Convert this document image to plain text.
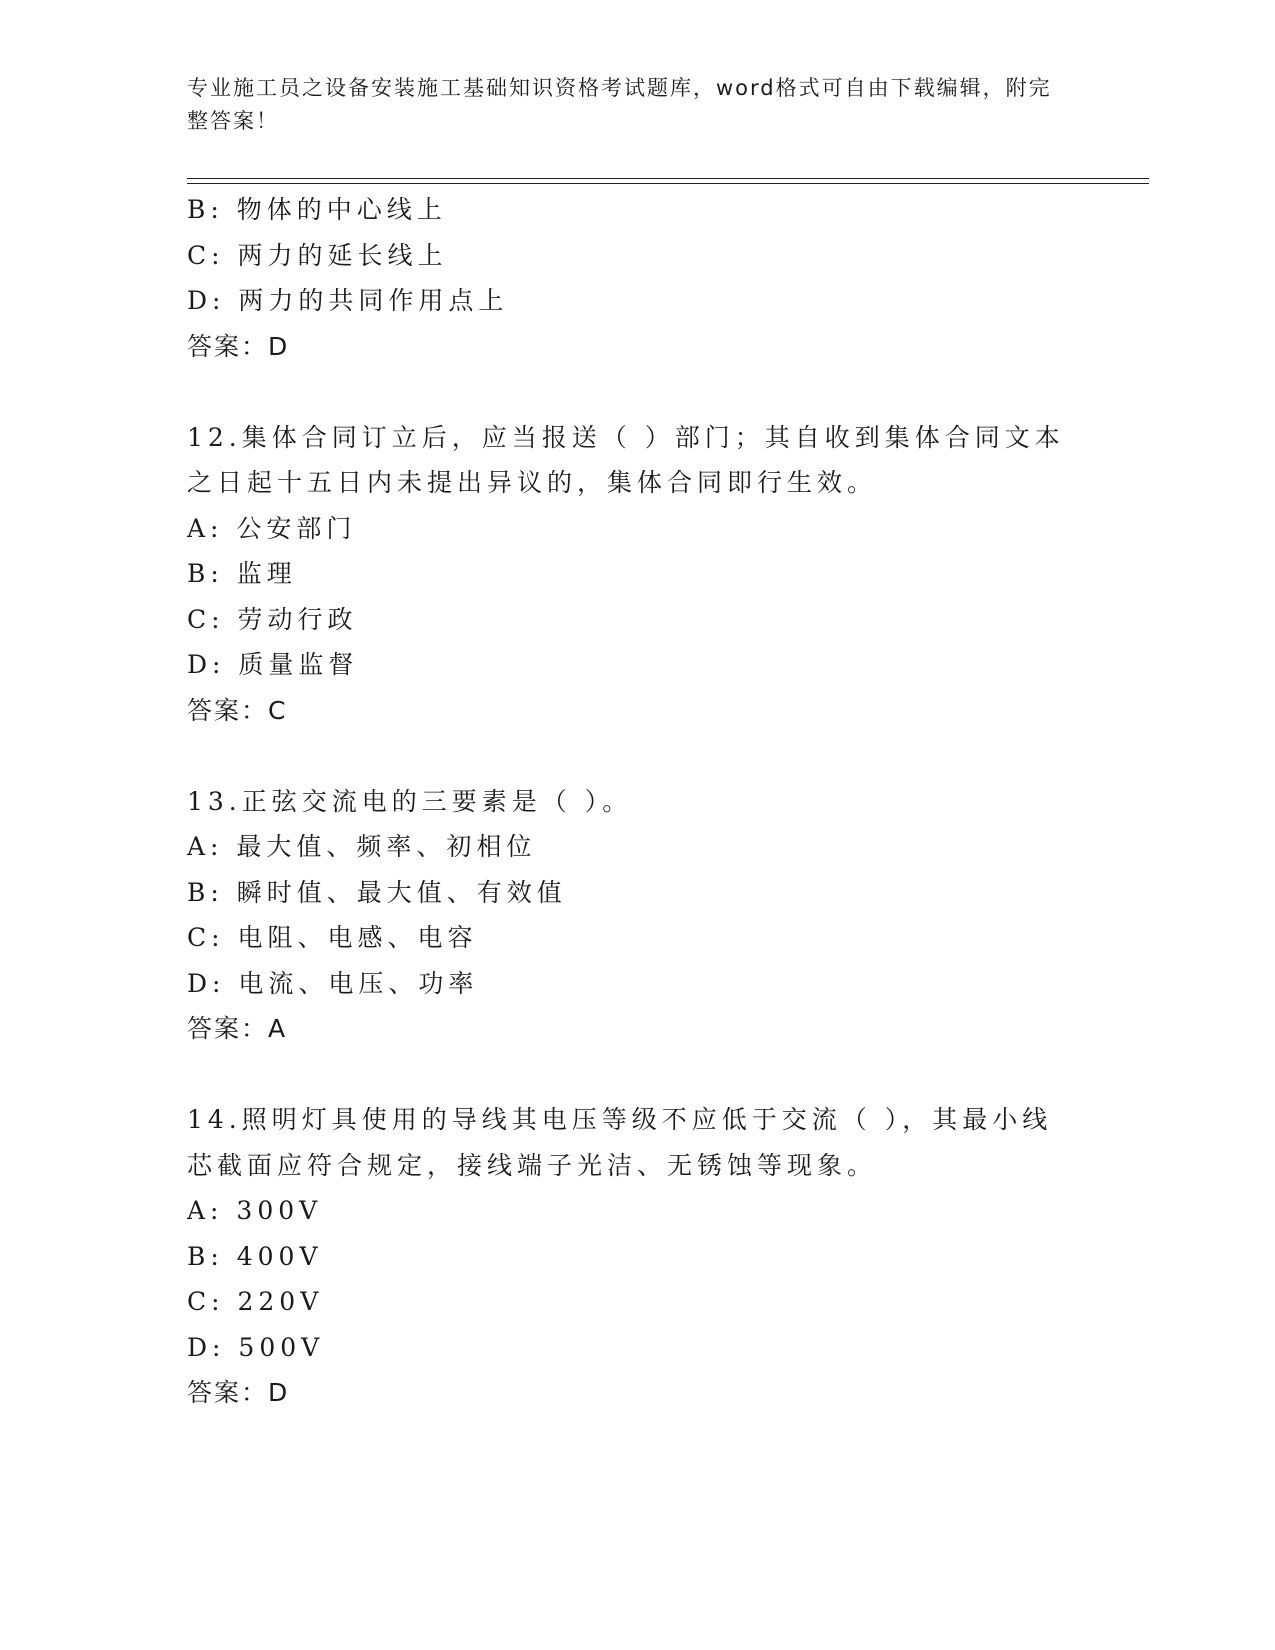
专业施工员之设备安装施工基础知识资格考试题库，word格式可自由下载编辑，附完整答案！
B: 物体的中心线上
C: 两力的延长线上
D: 两力的共同作用点上
答案：D
12.集体合同订立后，应当报送（ ）部门；其自收到集体合同文本之日起十五日内未提出异议的，集体合同即行生效。
A: 公安部门
B: 监理
C: 劳动行政
D: 质量监督
答案：C
13.正弦交流电的三要素是（ ）。
A: 最大值、频率、初相位
B: 瞬时值、最大值、有效值
C: 电阻、电感、电容
D: 电流、电压、功率
答案：A
14.照明灯具使用的导线其电压等级不应低于交流（ ），其最小线芯截面应符合规定，接线端子光洁、无锈蚀等现象。
A: 300V
B: 400V
C: 220V
D: 500V
答案：D
